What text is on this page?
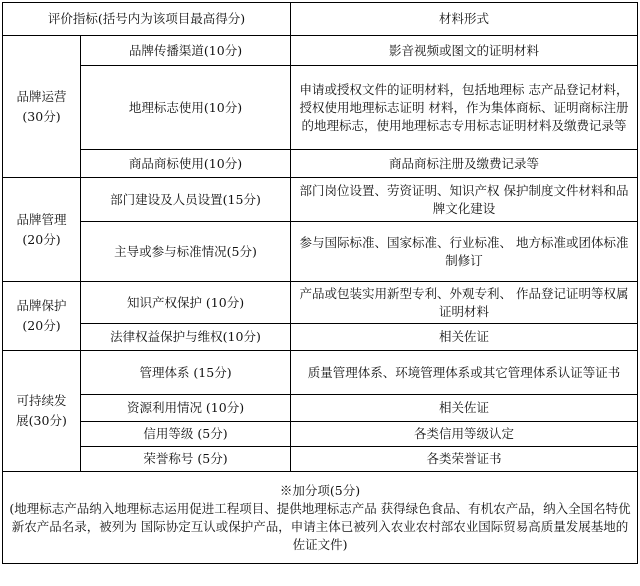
评价指标(括号内为该项目最高得分)		材料形式
品牌运营
(30分)	品牌传播渠道(10分)	影音视频或图文的证明材料
	地理标志使用(10分)	申请或授权文件的证明材料，包括地理标 志产品登记材料，授权使用地理标志证明 材料，作为集体商标、证明商标注册的地理标志，使用地理标志专用标志证明材料及缴费记录等
	商品商标使用(10分)	商品商标注册及缴费记录等
品牌管理
(20分)	部门建设及人员设置(15分)	部门岗位设置、劳资证明、知识产权 保护制度文件材料和品牌文化建设
	主导或参与标准情况(5分)	参与国际标准、国家标准、行业标准、 地方标准或团体标准制修订
品牌保护
(20分)	知识产权保护 (10分)	产品或包装实用新型专利、外观专利、 作品登记证明等权属证明材料
	法律权益保护与维权(10分)	相关佐证
可持续发
展(30分)	管理体系 (15分)	质量管理体系、环境管理体系或其它管理体系认证等证书
	资源利用情况 (10分)	相关佐证
	信用等级 (5分)	各类信用等级认定
	荣誉称号 (5分)	各类荣誉证书

※加分项(5分)
(地理标志产品纳入地理标志运用促进工程项目、提供地理标志产品 获得绿色食品、有机农产品，纳入全国名特优新农产品名录，被列为 国际协定互认或保护产品，申请主体已被列入农业农村部农业国际贸易高质量发展基地的佐证文件)		
